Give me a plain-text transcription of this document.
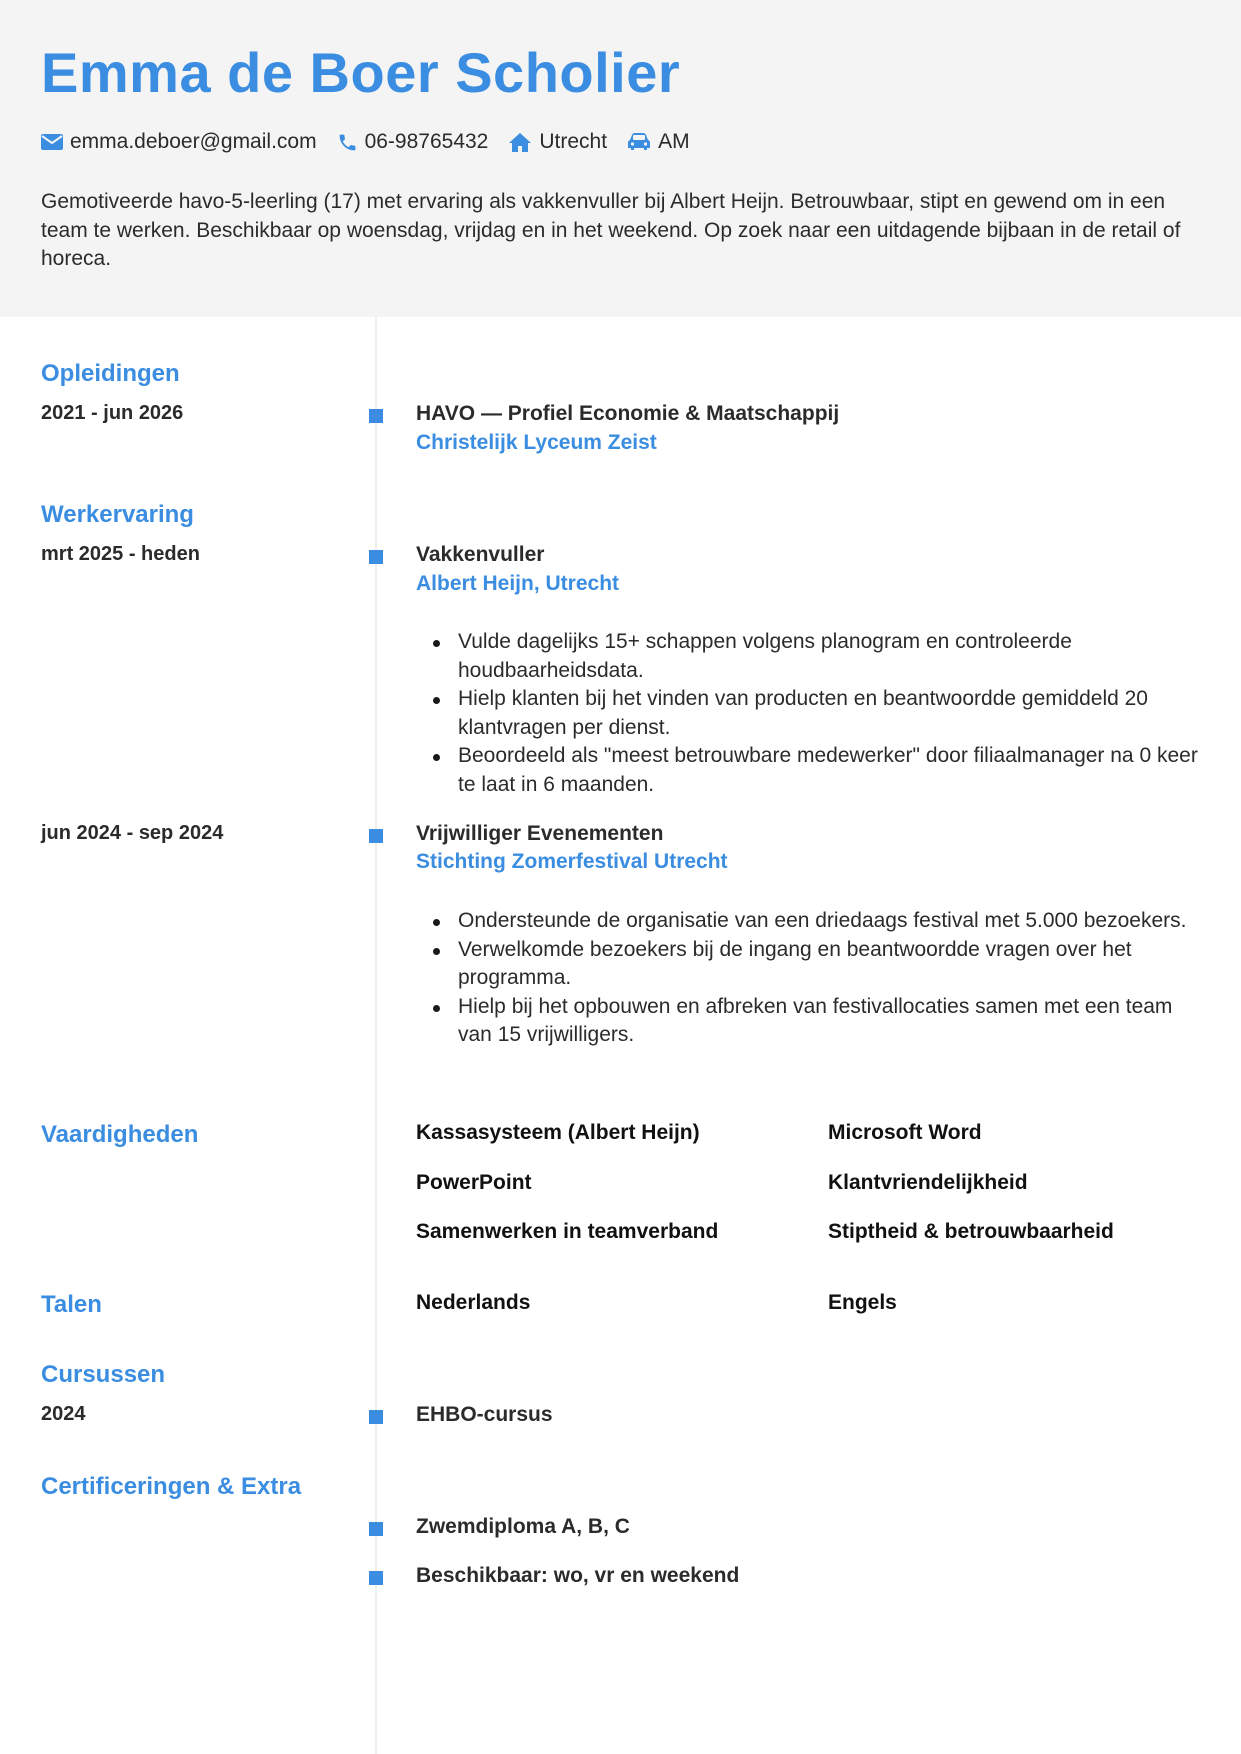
Emma de Boer Scholier
emma.deboer@gmail.com 06-98765432 Utrecht AM
Gemotiveerde havo-5-leerling (17) met ervaring als vakkenvuller bij Albert Heijn. Betrouwbaar, stipt en gewend om in een team te werken. Beschikbaar op woensdag, vrijdag en in het weekend. Op zoek naar een uitdagende bijbaan in de retail of horeca.
Opleidingen
2021 - jun 2026	HAVO — Profiel Economie & Maatschappij
Christelijk Lyceum Zeist
Werkervaring
mrt 2025 - heden	Vakkenvuller
Albert Heijn, Utrecht
Vulde dagelijks 15+ schappen volgens planogram en controleerde houdbaarheidsdata.
Hielp klanten bij het vinden van producten en beantwoordde gemiddeld 20 klantvragen per dienst.
Beoordeeld als "meest betrouwbare medewerker" door filiaalmanager na 0 keer te laat in 6 maanden.
jun 2024 - sep 2024	Vrijwilliger Evenementen
Stichting Zomerfestival Utrecht
Ondersteunde de organisatie van een driedaags festival met 5.000 bezoekers.
Verwelkomde bezoekers bij de ingang en beantwoordde vragen over het programma.
Hielp bij het opbouwen en afbreken van festivallocaties samen met een team van 15 vrijwilligers.
Vaardigheden	Kassasysteem (Albert Heijn)	Microsoft Word
PowerPoint	Klantvriendelijkheid
Samenwerken in teamverband	Stiptheid & betrouwbaarheid
Talen	Nederlands	Engels
Cursussen
2024	EHBO-cursus
Certificeringen & Extra
Zwemdiploma A, B, C
Beschikbaar: wo, vr en weekend
